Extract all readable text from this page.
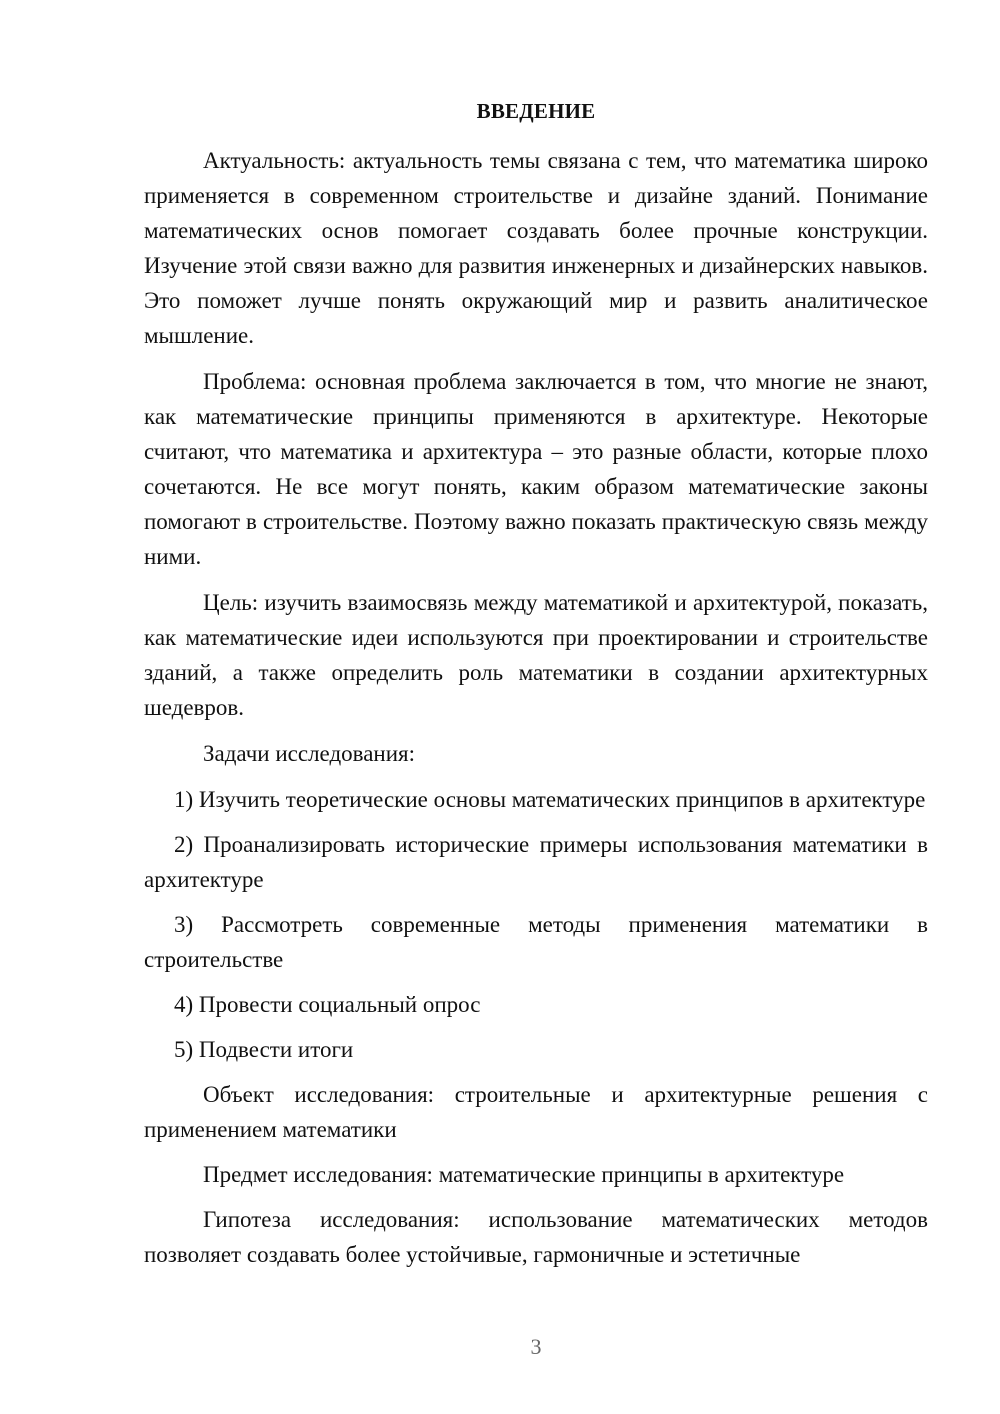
ВВЕДЕНИЕ

Актуальность: актуальность темы связана с тем, что математика широко применяется в современном строительстве и дизайне зданий. Понимание математических основ помогает создавать более прочные конструкции. Изучение этой связи важно для развития инженерных и дизайнерских навыков. Это поможет лучше понять окружающий мир и развить аналитическое мышление.

Проблема: основная проблема заключается в том, что многие не знают, как математические принципы применяются в архитектуре. Некоторые считают, что математика и архитектура – это разные области, которые плохо сочетаются. Не все могут понять, каким образом математические законы помогают в строительстве. Поэтому важно показать практическую связь между ними.

Цель: изучить взаимосвязь между математикой и архитектурой, показать, как математические идеи используются при проектировании и строительстве зданий, а также определить роль математики в создании архитектурных шедевров.

Задачи исследования:

1) Изучить теоретические основы математических принципов в архитектуре

2) Проанализировать исторические примеры использования математики в архитектуре

3) Рассмотреть современные методы применения математики в строительстве

4) Провести социальный опрос

5) Подвести итоги

Объект исследования: строительные и архитектурные решения с применением математики

Предмет исследования: математические принципы в архитектуре

Гипотеза исследования: использование математических методов позволяет создавать более устойчивые, гармоничные и эстетичные

3
